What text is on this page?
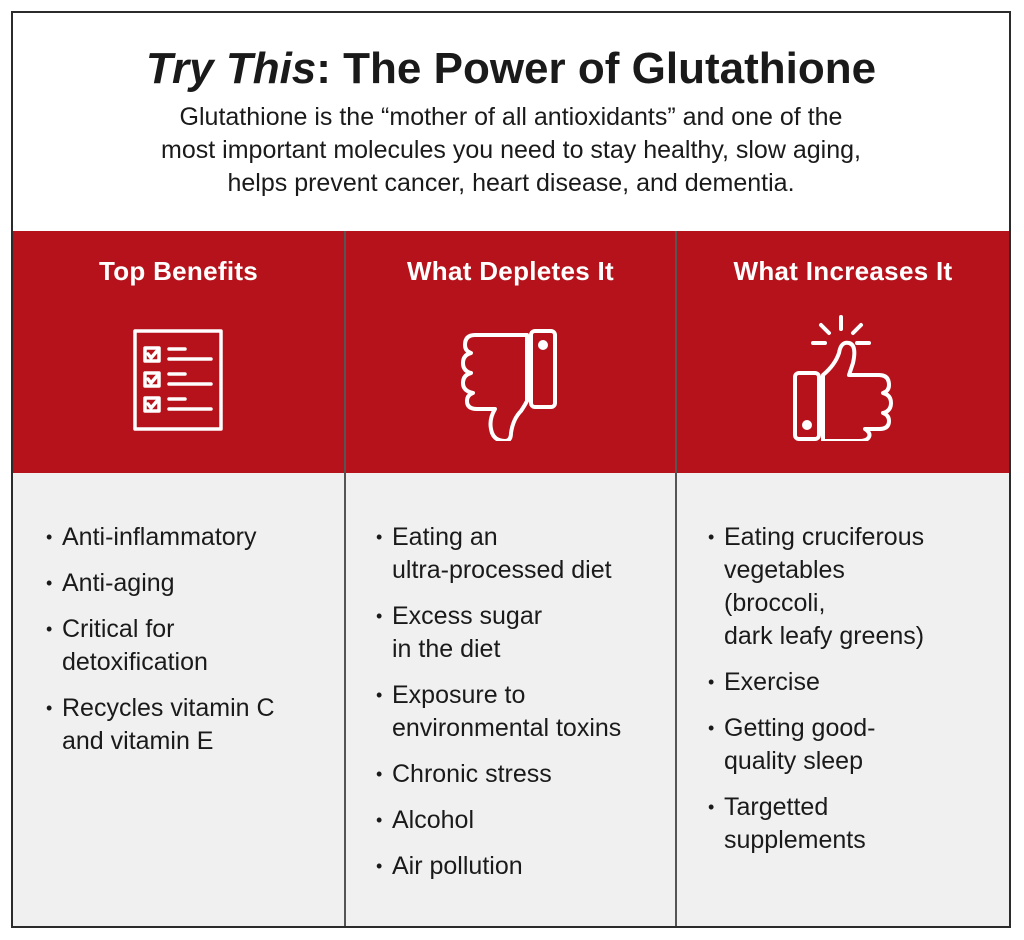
Try This: The Power of Glutathione
Glutathione is the “mother of all antioxidants” and one of the
most important molecules you need to stay healthy, slow aging,
helps prevent cancer, heart disease, and dementia.
Top Benefits	What Depletes It	What Increases It
• Anti-inflammatory
• Anti-aging
• Critical for
detoxification
• Recycles vitamin C
and vitamin E
• Eating an
ultra-processed diet
• Excess sugar
in the diet
• Exposure to
environmental toxins
• Chronic stress
• Alcohol
• Air pollution
• Eating cruciferous
vegetables
(broccoli,
dark leafy greens)
• Exercise
• Getting good-
quality sleep
• Targetted
supplements
